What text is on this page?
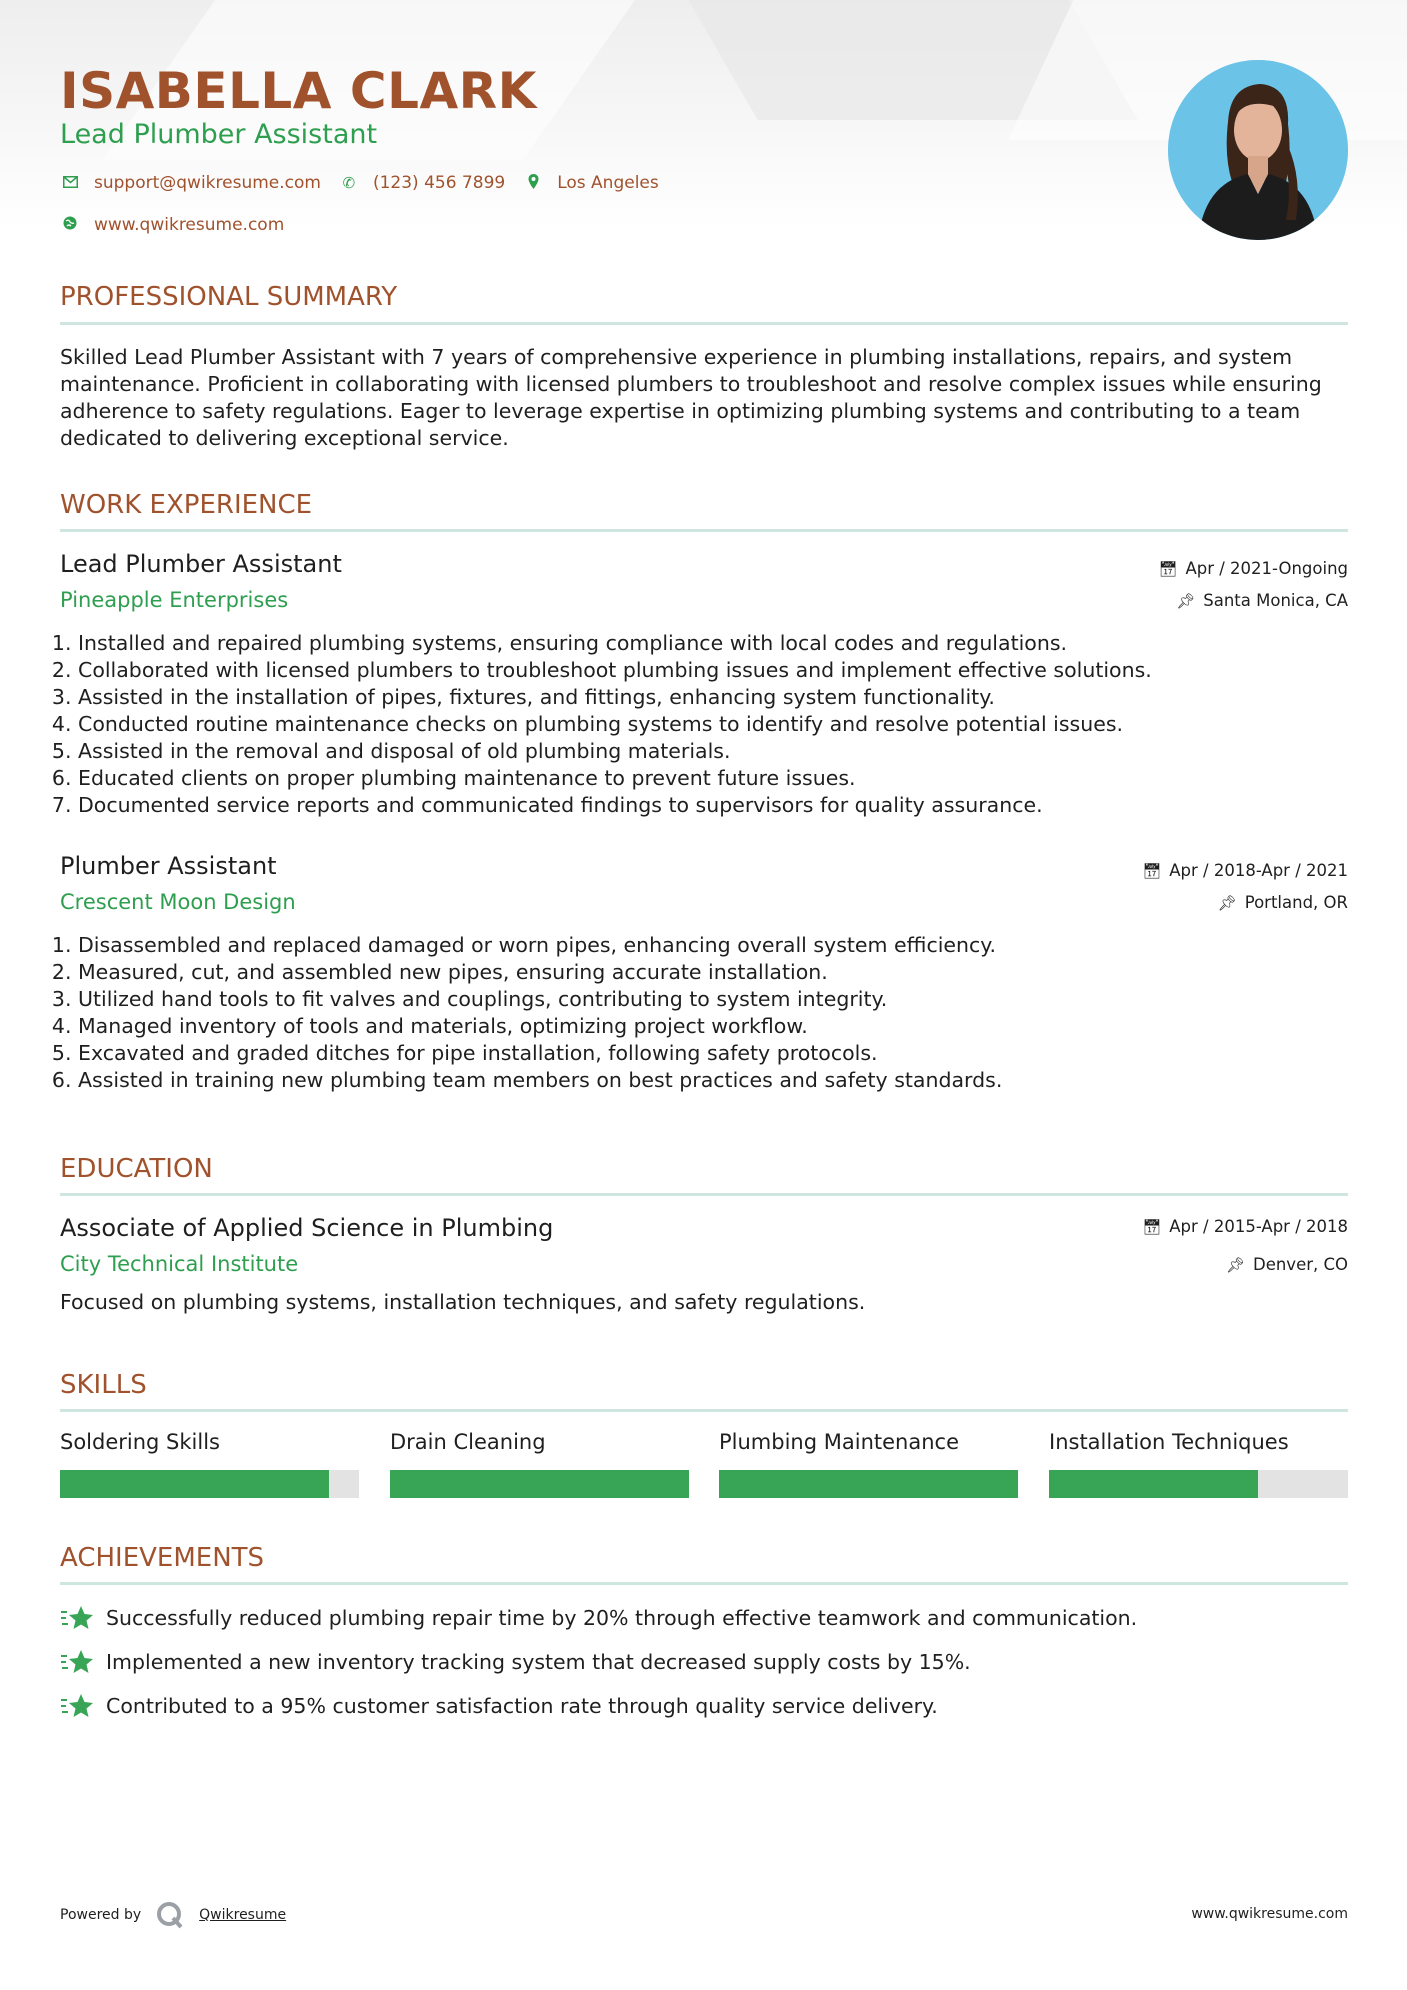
ISABELLA CLARK
Lead Plumber Assistant
support@qwikresume.com ✆ (123) 456 7899	Los Angeles
www.qwikresume.com
PROFESSIONAL SUMMARY
Skilled Lead Plumber Assistant with 7 years of comprehensive experience in plumbing installations, repairs, and system maintenance. Proficient in collaborating with licensed plumbers to troubleshoot and resolve complex issues while ensuring adherence to safety regulations. Eager to leverage expertise in optimizing plumbing systems and contributing to a team dedicated to delivering exceptional service.
WORK EXPERIENCE
Lead Plumber Assistant	📅︎ Apr / 2021-Ongoing
Pineapple Enterprises	📌︎ Santa Monica, CA
1. Installed and repaired plumbing systems, ensuring compliance with local codes and regulations.
2. Collaborated with licensed plumbers to troubleshoot plumbing issues and implement effective solutions.
3. Assisted in the installation of pipes, fixtures, and fittings, enhancing system functionality.
4. Conducted routine maintenance checks on plumbing systems to identify and resolve potential issues.
5. Assisted in the removal and disposal of old plumbing materials.
6. Educated clients on proper plumbing maintenance to prevent future issues.
7. Documented service reports and communicated findings to supervisors for quality assurance.
Plumber Assistant	📅︎ Apr / 2018-Apr / 2021
Crescent Moon Design	📌︎ Portland, OR
1. Disassembled and replaced damaged or worn pipes, enhancing overall system efficiency.
2. Measured, cut, and assembled new pipes, ensuring accurate installation.
3. Utilized hand tools to fit valves and couplings, contributing to system integrity.
4. Managed inventory of tools and materials, optimizing project workflow.
5. Excavated and graded ditches for pipe installation, following safety protocols.
6. Assisted in training new plumbing team members on best practices and safety standards.
EDUCATION
Associate of Applied Science in Plumbing	📅︎ Apr / 2015-Apr / 2018
City Technical Institute	📌︎ Denver, CO
Focused on plumbing systems, installation techniques, and safety regulations.
SKILLS
Soldering Skills	Drain Cleaning	Plumbing Maintenance	Installation Techniques
ACHIEVEMENTS
Successfully reduced plumbing repair time by 20% through effective teamwork and communication.
Implemented a new inventory tracking system that decreased supply costs by 15%.
Contributed to a 95% customer satisfaction rate through quality service delivery.
Powered by	Qwikresume	www.qwikresume.com
